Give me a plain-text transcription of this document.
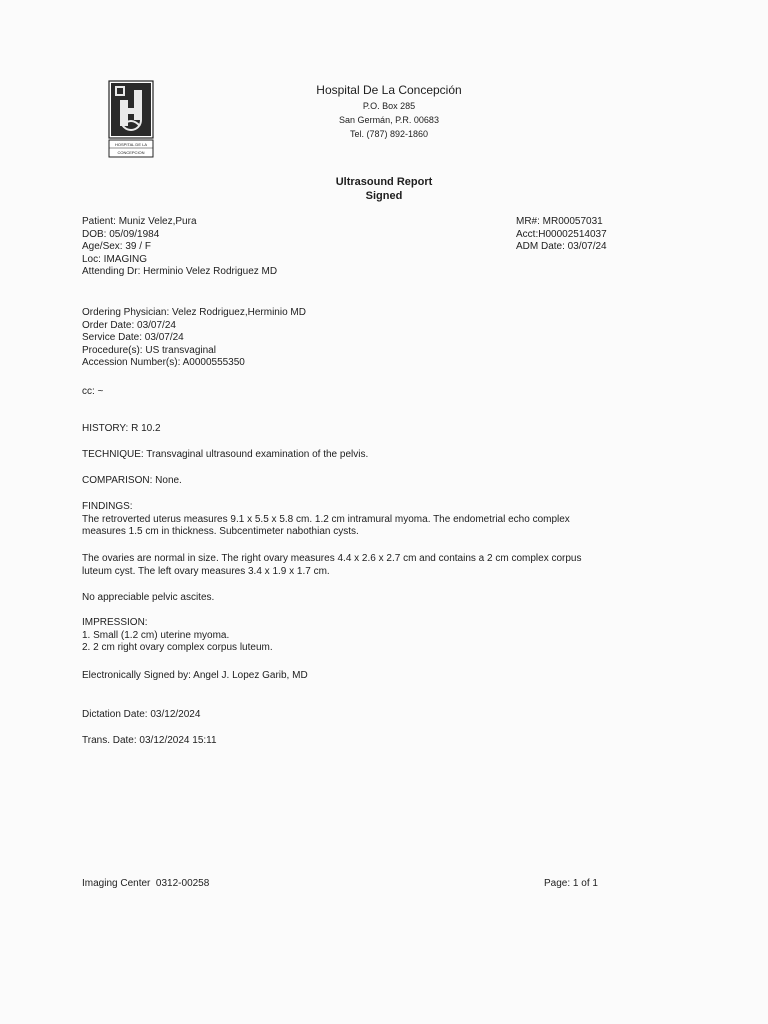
HOSPITAL DE LA
CONCEPCION
Hospital De La Concepción
P.O. Box 285
San Germán, P.R. 00683
Tel. (787) 892-1860
Ultrasound Report
Signed
Patient: Muniz Velez,Pura
DOB: 05/09/1984
Age/Sex: 39 / F
Loc: IMAGING
Attending Dr: Herminio Velez Rodriguez MD
MR#: MR00057031
Acct:H00002514037
ADM Date: 03/07/24
Ordering Physician: Velez Rodriguez,Herminio MD
Order Date: 03/07/24
Service Date: 03/07/24
Procedure(s): US transvaginal
Accession Number(s): A0000555350
cc: ~
HISTORY: R 10.2
TECHNIQUE: Transvaginal ultrasound examination of the pelvis.
COMPARISON: None.
FINDINGS:
The retroverted uterus measures 9.1 x 5.5 x 5.8 cm. 1.2 cm intramural myoma. The endometrial echo complex
measures 1.5 cm in thickness. Subcentimeter nabothian cysts.
The ovaries are normal in size. The right ovary measures 4.4 x 2.6 x 2.7 cm and contains a 2 cm complex corpus
luteum cyst. The left ovary measures 3.4 x 1.9 x 1.7 cm.
No appreciable pelvic ascites.
IMPRESSION:
1. Small (1.2 cm) uterine myoma.
2. 2 cm right ovary complex corpus luteum.
Electronically Signed by: Angel J. Lopez Garib, MD
Dictation Date: 03/12/2024
Trans. Date: 03/12/2024 15:11
Imaging Center  0312-00258	Page: 1 of 1
